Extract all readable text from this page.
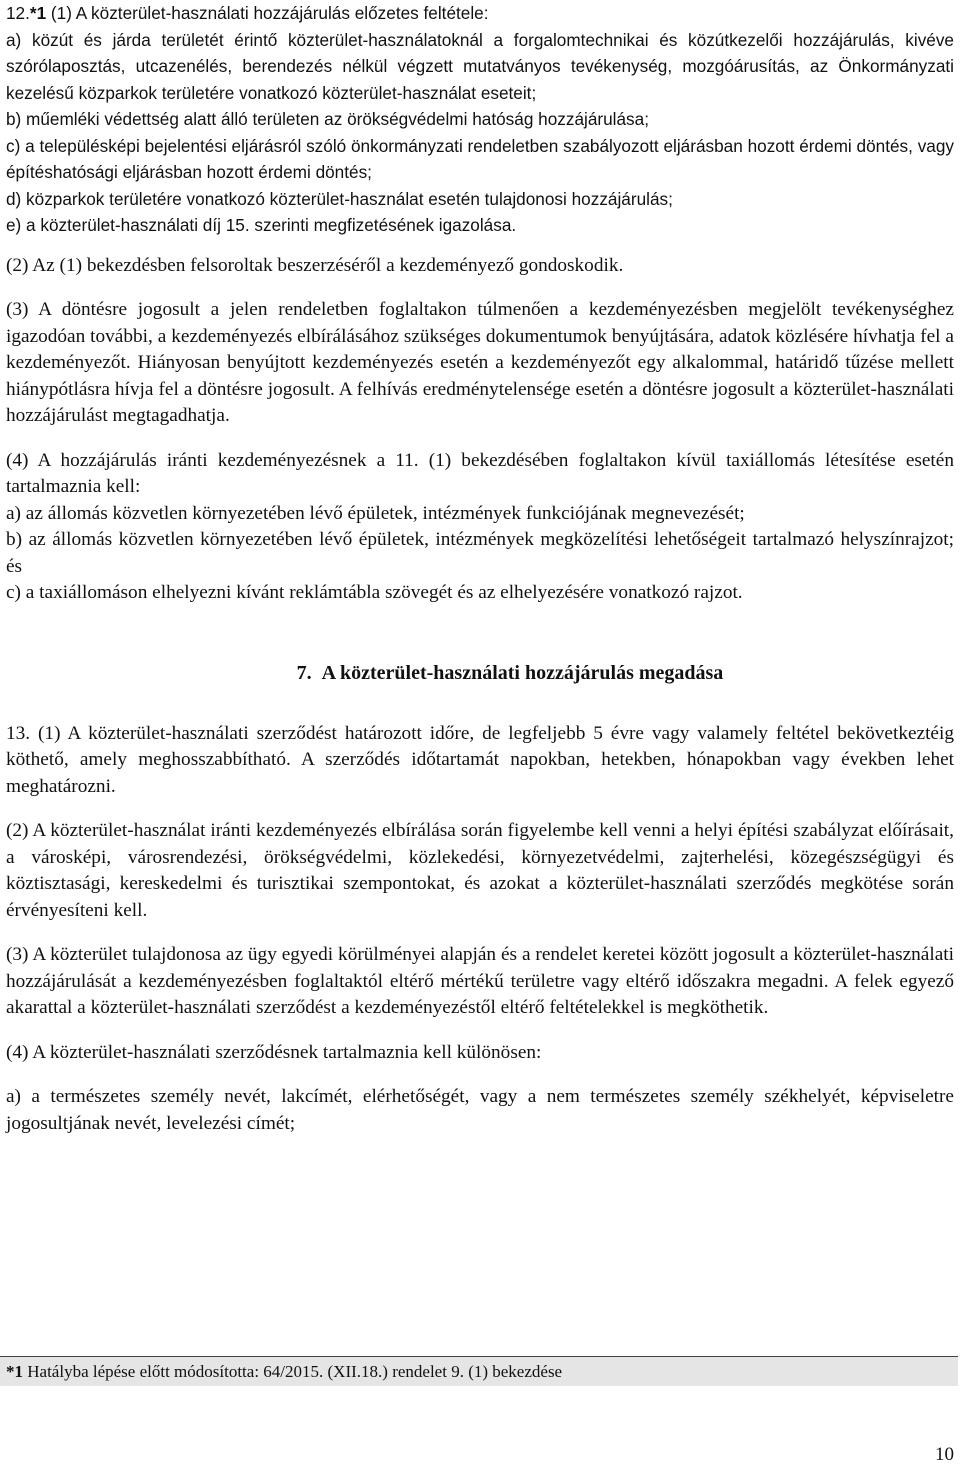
12.*1 (1) A közterület-használati hozzájárulás előzetes feltétele:

a) közút és járda területét érintő közterület-használatoknál a forgalomtechnikai és közútkezelői hozzájárulás, kivéve szórólaposztás, utcazenélés, berendezés nélkül végzett mutatványos tevékenység, mozgóárusítás, az Önkormányzati kezelésű közparkok területére vonatkozó közterület-használat eseteit;

b) műemléki védettség alatt álló területen az örökségvédelmi hatóság hozzájárulása;

c) a településképi bejelentési eljárásról szóló önkormányzati rendeletben szabályozott eljárásban hozott érdemi döntés, vagy építéshatósági eljárásban hozott érdemi döntés;

d) közparkok területére vonatkozó közterület-használat esetén tulajdonosi hozzájárulás;

e) a közterület-használati díj 15. szerinti megfizetésének igazolása.

(2) Az (1) bekezdésben felsoroltak beszerzéséről a kezdeményező gondoskodik.

(3) A döntésre jogosult a jelen rendeletben foglaltakon túlmenően a kezdeményezésben megjelölt tevékenységhez igazodóan további, a kezdeményezés elbírálásához szükséges dokumentumok benyújtására, adatok közlésére hívhatja fel a kezdeményezőt. Hiányosan benyújtott kezdeményezés esetén a kezdeményezőt egy alkalommal, határidő tűzése mellett hiánypótlásra hívja fel a döntésre jogosult. A felhívás eredménytelensége esetén a döntésre jogosult a közterület-használati hozzájárulást megtagadhatja.

(4) A hozzájárulás iránti kezdeményezésnek a 11. (1) bekezdésében foglaltakon kívül taxiállomás létesítése esetén tartalmaznia kell:

a) az állomás közvetlen környezetében lévő épületek, intézmények funkciójának megnevezését;

b) az állomás közvetlen környezetében lévő épületek, intézmények megközelítési lehetőségeit tartalmazó helyszínrajzot; és

c) a taxiállomáson elhelyezni kívánt reklámtábla szövegét és az elhelyezésére vonatkozó rajzot.

7. A közterület-használati hozzájárulás megadása

13. (1) A közterület-használati szerződést határozott időre, de legfeljebb 5 évre vagy valamely feltétel bekövetkeztéig köthető, amely meghosszabbítható. A szerződés időtartamát napokban, hetekben, hónapokban vagy években lehet meghatározni.

(2) A közterület-használat iránti kezdeményezés elbírálása során figyelembe kell venni a helyi építési szabályzat előírásait, a városképi, városrendezési, örökségvédelmi, közlekedési, környezetvédelmi, zajterhelési, közegészségügyi és köztisztasági, kereskedelmi és turisztikai szempontokat, és azokat a közterület-használati szerződés megkötése során érvényesíteni kell.

(3) A közterület tulajdonosa az ügy egyedi körülményei alapján és a rendelet keretei között jogosult a közterület-használati hozzájárulását a kezdeményezésben foglaltaktól eltérő mértékű területre vagy eltérő időszakra megadni. A felek egyező akarattal a közterület-használati szerződést a kezdeményezéstől eltérő feltételekkel is megköthetik.

(4) A közterület-használati szerződésnek tartalmaznia kell különösen:

a) a természetes személy nevét, lakcímét, elérhetőségét, vagy a nem természetes személy székhelyét, képviseletre jogosultjának nevét, levelezési címét;

*1 Hatályba lépése előtt módosította: 64/2015. (XII.18.) rendelet 9. (1) bekezdése
10
